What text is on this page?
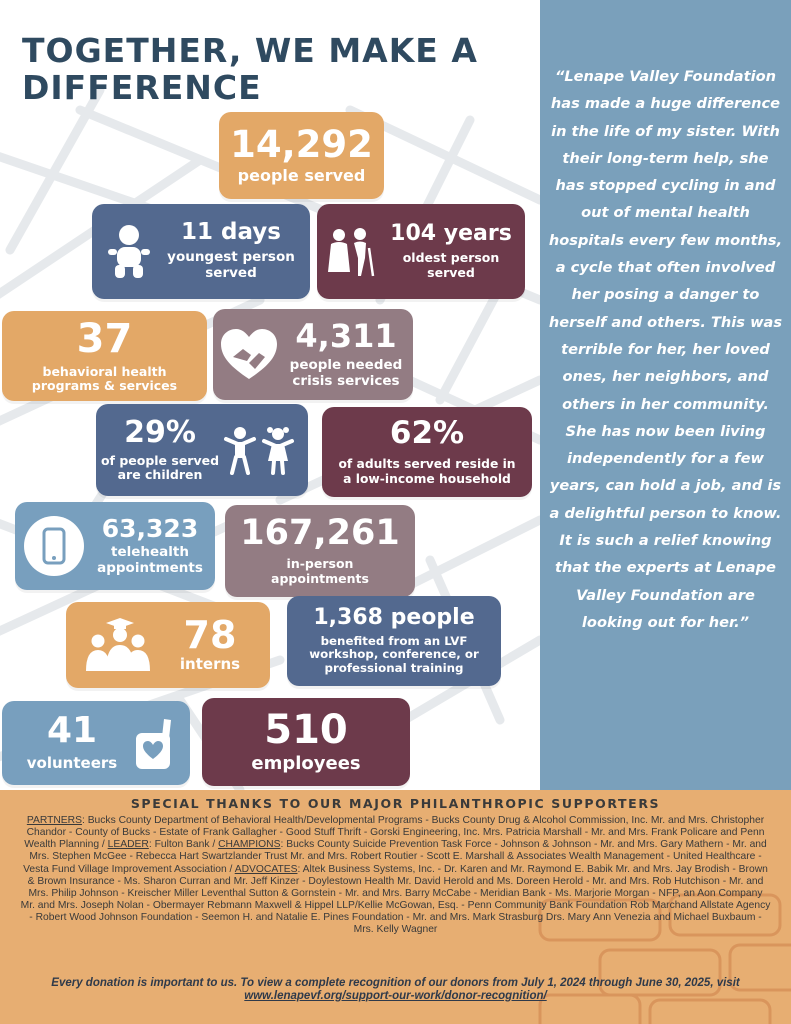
TOGETHER, WE MAKE A DIFFERENCE
14,292
people served
11 days
youngest person served
104 years
oldest person served
37
behavioral health programs & services
4,311
people needed crisis services
29%
of people served are children
62%
of adults served reside in a low-income household
63,323
telehealth appointments
167,261
in-person appointments
78
interns
1,368 people
benefited from an LVF workshop, conference, or professional training
41
volunteers
510
employees

“Lenape Valley Foundation has made a huge difference in the life of my sister. With their long-term help, she has stopped cycling in and out of mental health hospitals every few months, a cycle that often involved her posing a danger to herself and others. This was terrible for her, her loved ones, her neighbors, and others in her community. She has now been living independently for a few years, can hold a job, and is a delightful person to know. It is such a relief knowing that the experts at Lenape Valley Foundation are looking out for her.”

SPECIAL THANKS TO OUR MAJOR PHILANTHROPIC SUPPORTERS

PARTNERS: Bucks County Department of Behavioral Health/Developmental Programs - Bucks County Drug & Alcohol Commission, Inc. Mr. and Mrs. Christopher Chandor - County of Bucks - Estate of Frank Gallagher - Good Stuff Thrift - Gorski Engineering, Inc. Mrs. Patricia Marshall - Mr. and Mrs. Frank Policare and Penn Wealth Planning / LEADER: Fulton Bank / CHAMPIONS: Bucks County Suicide Prevention Task Force - Johnson & Johnson - Mr. and Mrs. Gary Mathern - Mr. and Mrs. Stephen McGee - Rebecca Hart Swartzlander Trust Mr. and Mrs. Robert Routier - Scott E. Marshall & Associates Wealth Management - United Healthcare - Vesta Fund Village Improvement Association / ADVOCATES: Altek Business Systems, Inc. - Dr. Karen and Mr. Raymond E. Babik Mr. and Mrs. Jay Brodish - Brown & Brown Insurance - Ms. Sharon Curran and Mr. Jeff Kinzer - Doylestown Health Mr. David Herold and Ms. Doreen Herold - Mr. and Mrs. Rob Hutchison - Mr. and Mrs. Philip Johnson - Kreischer Miller Leventhal Sutton & Gornstein - Mr. and Mrs. Barry McCabe - Meridian Bank - Ms. Marjorie Morgan - NFP, an Aon Company Mr. and Mrs. Joseph Nolan - Obermayer Rebmann Maxwell & Hippel LLP/Kellie McGowan, Esq. - Penn Community Bank Foundation Rob Marchand Allstate Agency - Robert Wood Johnson Foundation - Seemon H. and Natalie E. Pines Foundation - Mr. and Mrs. Mark Strasburg Drs. Mary Ann Venezia and Michael Buxbaum - Mrs. Kelly Wagner

Every donation is important to us. To view a complete recognition of our donors from July 1, 2024 through June 30, 2025, visit
www.lenapevf.org/support-our-work/donor-recognition/
